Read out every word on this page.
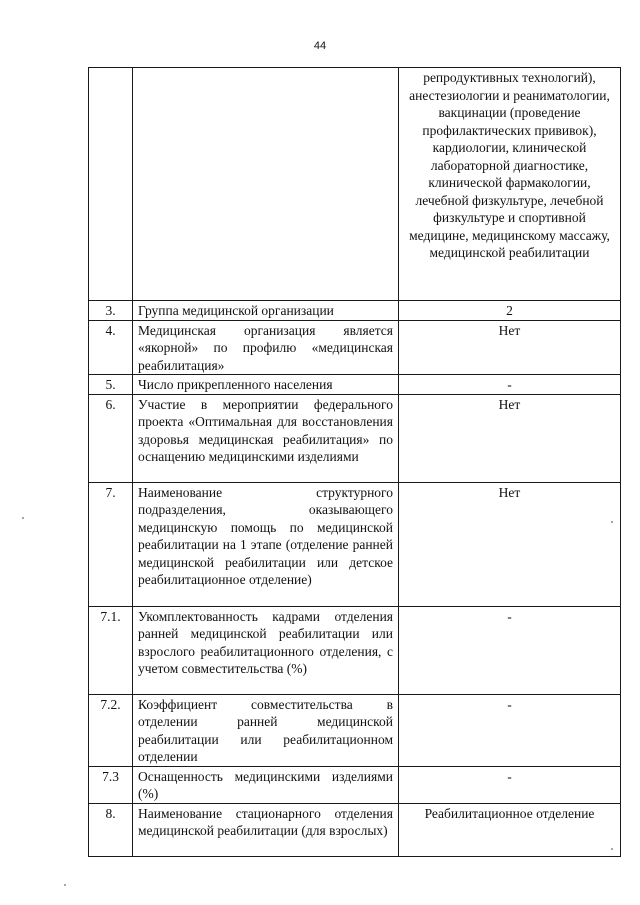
44
		репродуктивных технологий), анестезиологии и реаниматологии, вакцинации (проведение профилактических прививок), кардиологии, клинической лабораторной диагностике, клинической фармакологии, лечебной физкультуре, лечебной физкультуре и спортивной медицине, медицинскому массажу, медицинской реабилитации
3.	Группа медицинской организации	2
4.	Медицинская организация является «якорной» по профилю «медицинская реабилитация»	Нет
5.	Число прикрепленного населения	-
6.	Участие в мероприятии федерального проекта «Оптимальная для восстановления здоровья медицинская реабилитация» по оснащению медицинскими изделиями	Нет
7.	Наименование структурного подразделения, оказывающего медицинскую помощь по медицинской реабилитации на 1 этапе (отделение ранней медицинской реабилитации или детское реабилитационное отделение)	Нет
7.1.	Укомплектованность кадрами отделения ранней медицинской реабилитации или взрослого реабилитационного отделения, с учетом совместительства (%)	-
7.2.	Коэффициент совместительства в отделении ранней медицинской реабилитации или реабилитационном отделении	-
7.3	Оснащенность медицинскими изделиями (%)	-
8.	Наименование стационарного отделения медицинской реабилитации (для взрослых)	Реабилитационное отделение
